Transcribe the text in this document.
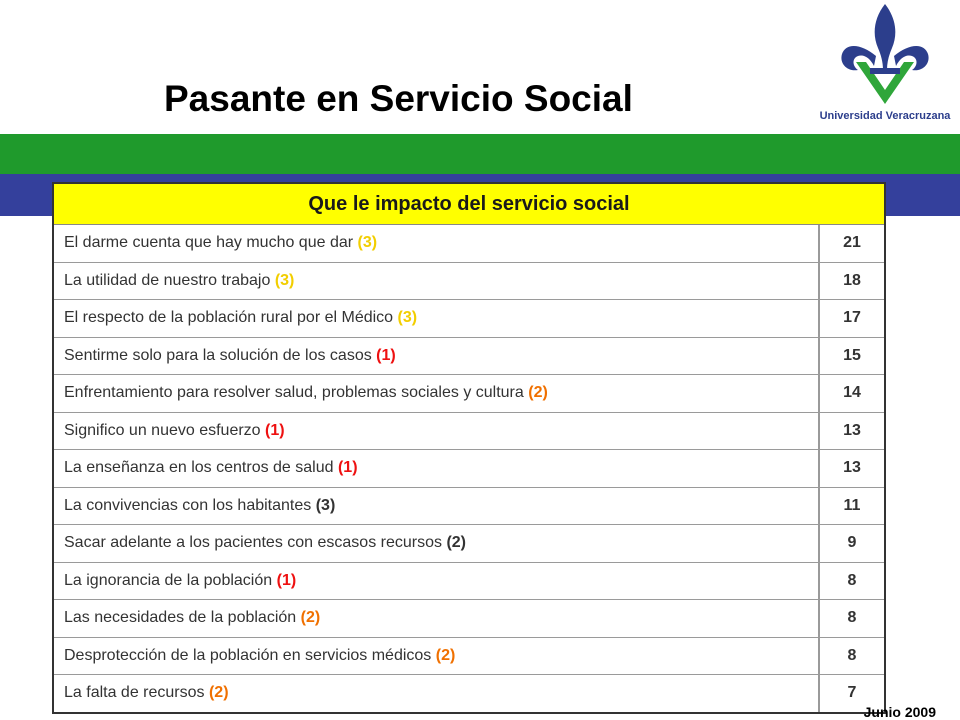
Pasante en Servicio Social	Universidad Veracruzana
Que le impacto del servicio social	
El darme cuenta que hay mucho que dar (3)		21
La utilidad de nuestro trabajo (3)		18
El respecto de la población rural por el Médico (3)		17
Sentirme solo para la solución de los casos (1)		15
Enfrentamiento para resolver salud, problemas sociales y cultura (2)		14
Significo un nuevo esfuerzo (1)		13
La enseñanza en los centros de salud (1)		13
La convivencias con los habitantes (3)		11
Sacar adelante a los pacientes con escasos recursos (2)		9
La ignorancia de la población (1)		8
Las necesidades de la población (2)		8
Desprotección de la población en servicios médicos (2)		8
La falta de recursos (2)		7
Junio 2009
